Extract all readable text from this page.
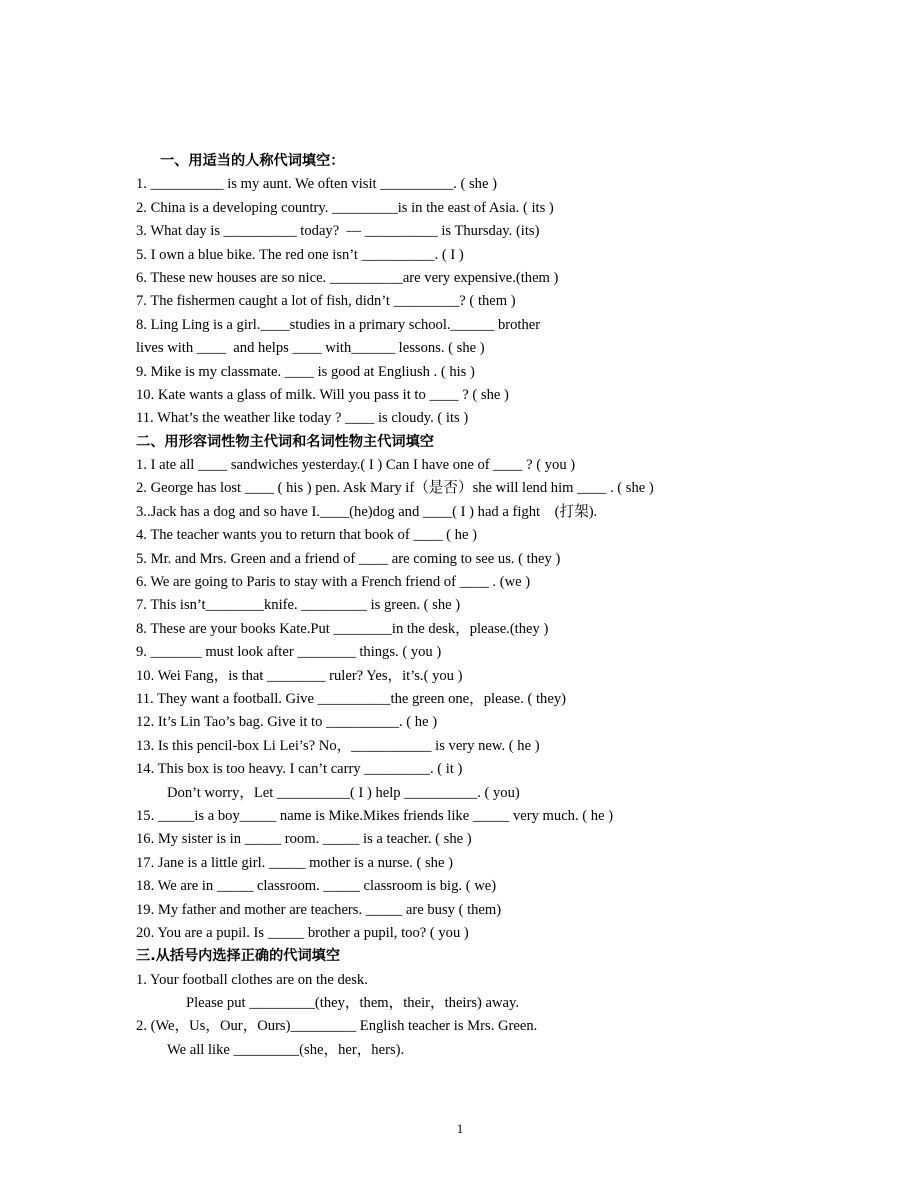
一、用适当的人称代词填空：
1. __________ is my aunt. We often visit __________. ( she )
2. China is a developing country. _________is in the east of Asia. ( its )
3. What day is __________ today?  — __________ is Thursday. (its)
5. I own a blue bike. The red one isn’t __________. ( I )
6. These new houses are so nice. __________are very expensive.(them )
7. The fishermen caught a lot of fish, didn’t _________? ( them )
8. Ling Ling is a girl.____studies in a primary school.______ brother
lives with ____  and helps ____ with______ lessons. ( she )
9. Mike is my classmate. ____ is good at Engliush . ( his )
10. Kate wants a glass of milk. Will you pass it to ____ ? ( she )
11. What’s the weather like today ? ____ is cloudy. ( its )
二、用形容词性物主代词和名词性物主代词填空
1. I ate all ____ sandwiches yesterday.( I ) Can I have one of ____ ? ( you )
2. George has lost ____ ( his ) pen. Ask Mary if（是否）she will lend him ____ . ( she )
3..Jack has a dog and so have I.____(he)dog and ____( I ) had a fight    (打架).
4. The teacher wants you to return that book of ____ ( he )
5. Mr. and Mrs. Green and a friend of ____ are coming to see us. ( they )
6. We are going to Paris to stay with a French friend of ____ . (we )
7. This isn’t________knife. _________ is green. ( she )
8. These are your books Kate.Put ________in the desk，please.(they )
9. _______ must look after ________ things. ( you )
10. Wei Fang，is that ________ ruler? Yes，it’s.( you )
11. They want a football. Give __________the green one，please. ( they)
12. It’s Lin Tao’s bag. Give it to __________. ( he )
13. Is this pencil-box Li Lei’s? No，___________ is very new. ( he )
14. This box is too heavy. I can’t carry _________. ( it )
Don’t worry，Let __________( I ) help __________. ( you)
15. _____is a boy_____ name is Mike.Mikes friends like _____ very much. ( he )
16. My sister is in _____ room. _____ is a teacher. ( she )
17. Jane is a little girl. _____ mother is a nurse. ( she )
18. We are in _____ classroom. _____ classroom is big. ( we)
19. My father and mother are teachers. _____ are busy ( them)
20. You are a pupil. Is _____ brother a pupil, too? ( you )
三.从括号内选择正确的代词填空
1. Your football clothes are on the desk.
Please put _________(they，them，their，theirs) away.
2. (We，Us，Our，Ours)_________ English teacher is Mrs. Green.
We all like _________(she，her，hers).
1
